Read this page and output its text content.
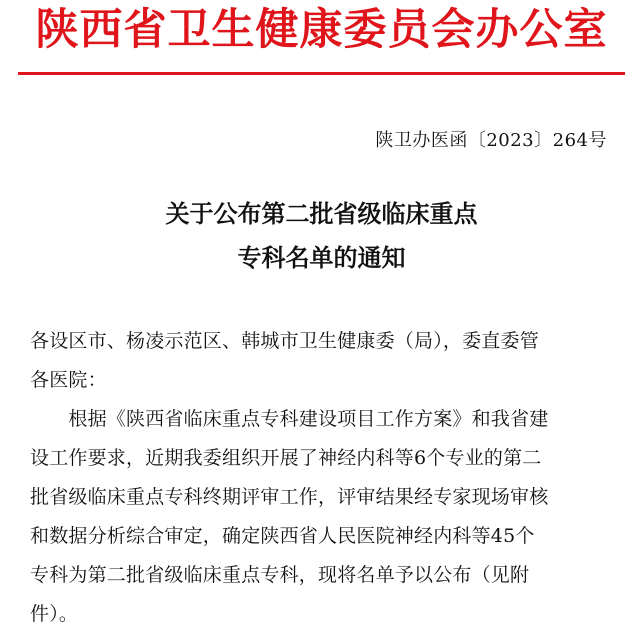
陕西省卫生健康委员会办公室
陕卫办医函〔2023〕264号
关于公布第二批省级临床重点
专科名单的通知
各设区市、杨凌示范区、韩城市卫生健康委（局），委直委管
各医院：
　　根据《陕西省临床重点专科建设项目工作方案》和我省建
设工作要求，近期我委组织开展了神经内科等6个专业的第二
批省级临床重点专科终期评审工作，评审结果经专家现场审核
和数据分析综合审定，确定陕西省人民医院神经内科等45个
专科为第二批省级临床重点专科，现将名单予以公布（见附
件）。
